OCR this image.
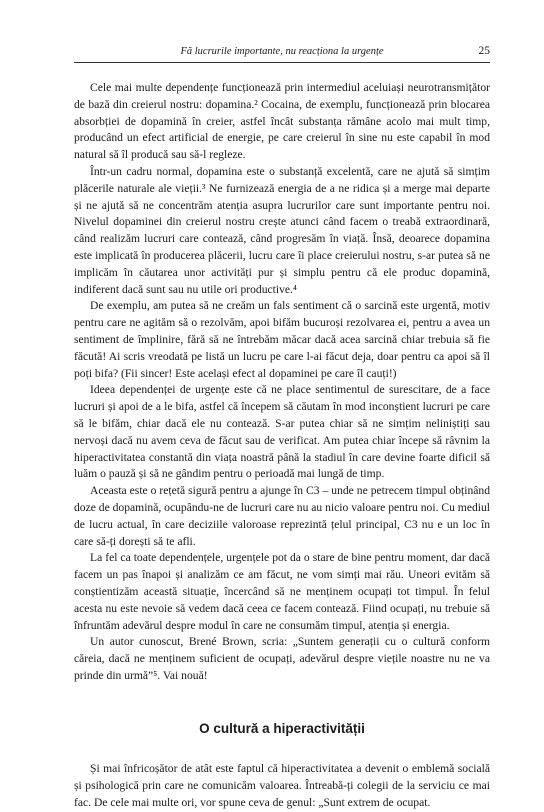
Fă lucrurile importante, nu reacționa la urgențe	25

Cele mai multe dependențe funcționează prin intermediul aceluiași neurotransmițător de bază din creierul nostru: dopamina.² Cocaina, de exemplu, funcționează prin blocarea absorbției de dopamină în creier, astfel încât substanța rămâne acolo mai mult timp, producând un efect artificial de energie, pe care creierul în sine nu este capabil în mod natural să îl producă sau să-l regleze.

Într-un cadru normal, dopamina este o substanță excelentă, care ne ajută să simțim plăcerile naturale ale vieții.³ Ne furnizează energia de a ne ridica și a merge mai departe și ne ajută să ne concentrăm atenția asupra lucrurilor care sunt importante pentru noi. Nivelul dopaminei din creierul nostru crește atunci când facem o treabă extraordinară, când realizăm lucruri care contează, când progresăm în viață. Însă, deoarece dopamina este implicată în producerea plăcerii, lucru care îi place creierului nostru, s-ar putea să ne implicăm în căutarea unor activități pur și simplu pentru că ele produc dopamină, indiferent dacă sunt sau nu utile ori productive.⁴

De exemplu, am putea să ne creăm un fals sentiment că o sarcină este urgentă, motiv pentru care ne agităm să o rezolvăm, apoi bifăm bucuroși rezolvarea ei, pentru a avea un sentiment de împlinire, fără să ne întrebăm măcar dacă acea sarcină chiar trebuia să fie făcută! Ai scris vreodată pe listă un lucru pe care l-ai făcut deja, doar pentru ca apoi să îl poți bifa? (Fii sincer! Este același efect al dopaminei pe care îl cauți!)

Ideea dependenței de urgențe este că ne place sentimentul de surescitare, de a face lucruri și apoi de a le bifa, astfel că începem să căutam în mod inconștient lucruri pe care să le bifăm, chiar dacă ele nu contează. S-ar putea chiar să ne simțim neliniștiți sau nervoși dacă nu avem ceva de făcut sau de verificat. Am putea chiar începe să râvnim la hiperactivitatea constantă din viața noastră până la stadiul în care devine foarte dificil să luăm o pauză și să ne gândim pentru o perioadă mai lungă de timp.

Aceasta este o rețetă sigură pentru a ajunge în C3 – unde ne petrecem timpul obținând doze de dopamină, ocupându-ne de lucruri care nu au nicio valoare pentru noi. Cu mediul de lucru actual, în care deciziile valoroase reprezintă țelul principal, C3 nu e un loc în care să-ți dorești să te afli.

La fel ca toate dependențele, urgențele pot da o stare de bine pentru moment, dar dacă facem un pas înapoi și analizăm ce am făcut, ne vom simți mai rău. Uneori evităm să conștientizăm această situație, încercând să ne menținem ocupați tot timpul. În felul acesta nu este nevoie să vedem dacă ceea ce facem contează. Fiind ocupați, nu trebuie să înfruntăm adevărul despre modul în care ne consumăm timpul, atenția și energia.

Un autor cunoscut, Brené Brown, scria: „Suntem generații cu o cultură conform căreia, dacă ne menținem suficient de ocupați, adevărul despre viețile noastre nu ne va prinde din urmă”⁵. Vai nouă!

O cultură a hiperactivității

Și mai înfricoșător de atât este faptul că hiperactivitatea a devenit o emblemă socială și psihologică prin care ne comunicăm valoarea. Întreabă-ți colegii de la serviciu ce mai fac. De cele mai multe ori, vor spune ceva de genul: „Sunt extrem de ocupat.
